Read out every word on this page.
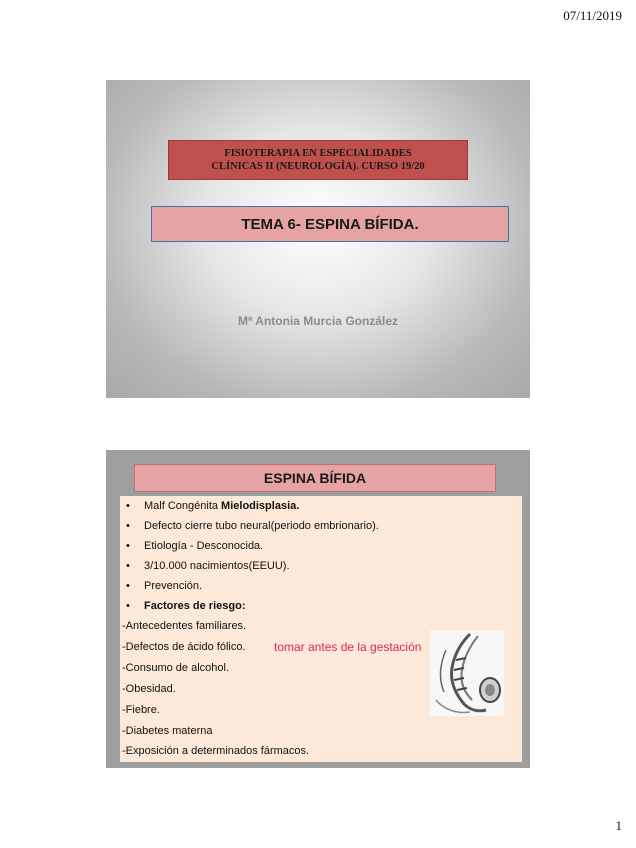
07/11/2019
FISIOTERAPIA EN ESPECIALIDADES
CLÍNICAS II (NEUROLOGÍA). CURSO 19/20
TEMA 6- ESPINA BÍFIDA.
Mª Antonia Murcia González
ESPINA BÍFIDA
• Malf Congénita Mielodisplasia.
• Defecto cierre tubo neural(periodo embrionario).
• Etiología - Desconocida.
• 3/10.000 nacimientos(EEUU).
• Prevención.
• Factores de riesgo:
-Antecedentes familiares.
-Defectos de ácido fólico.
-Consumo de alcohol.
-Obesidad.
-Fiebre.
-Diabetes materna
-Exposición a determinados fármacos.
tomar antes de la gestación
1
